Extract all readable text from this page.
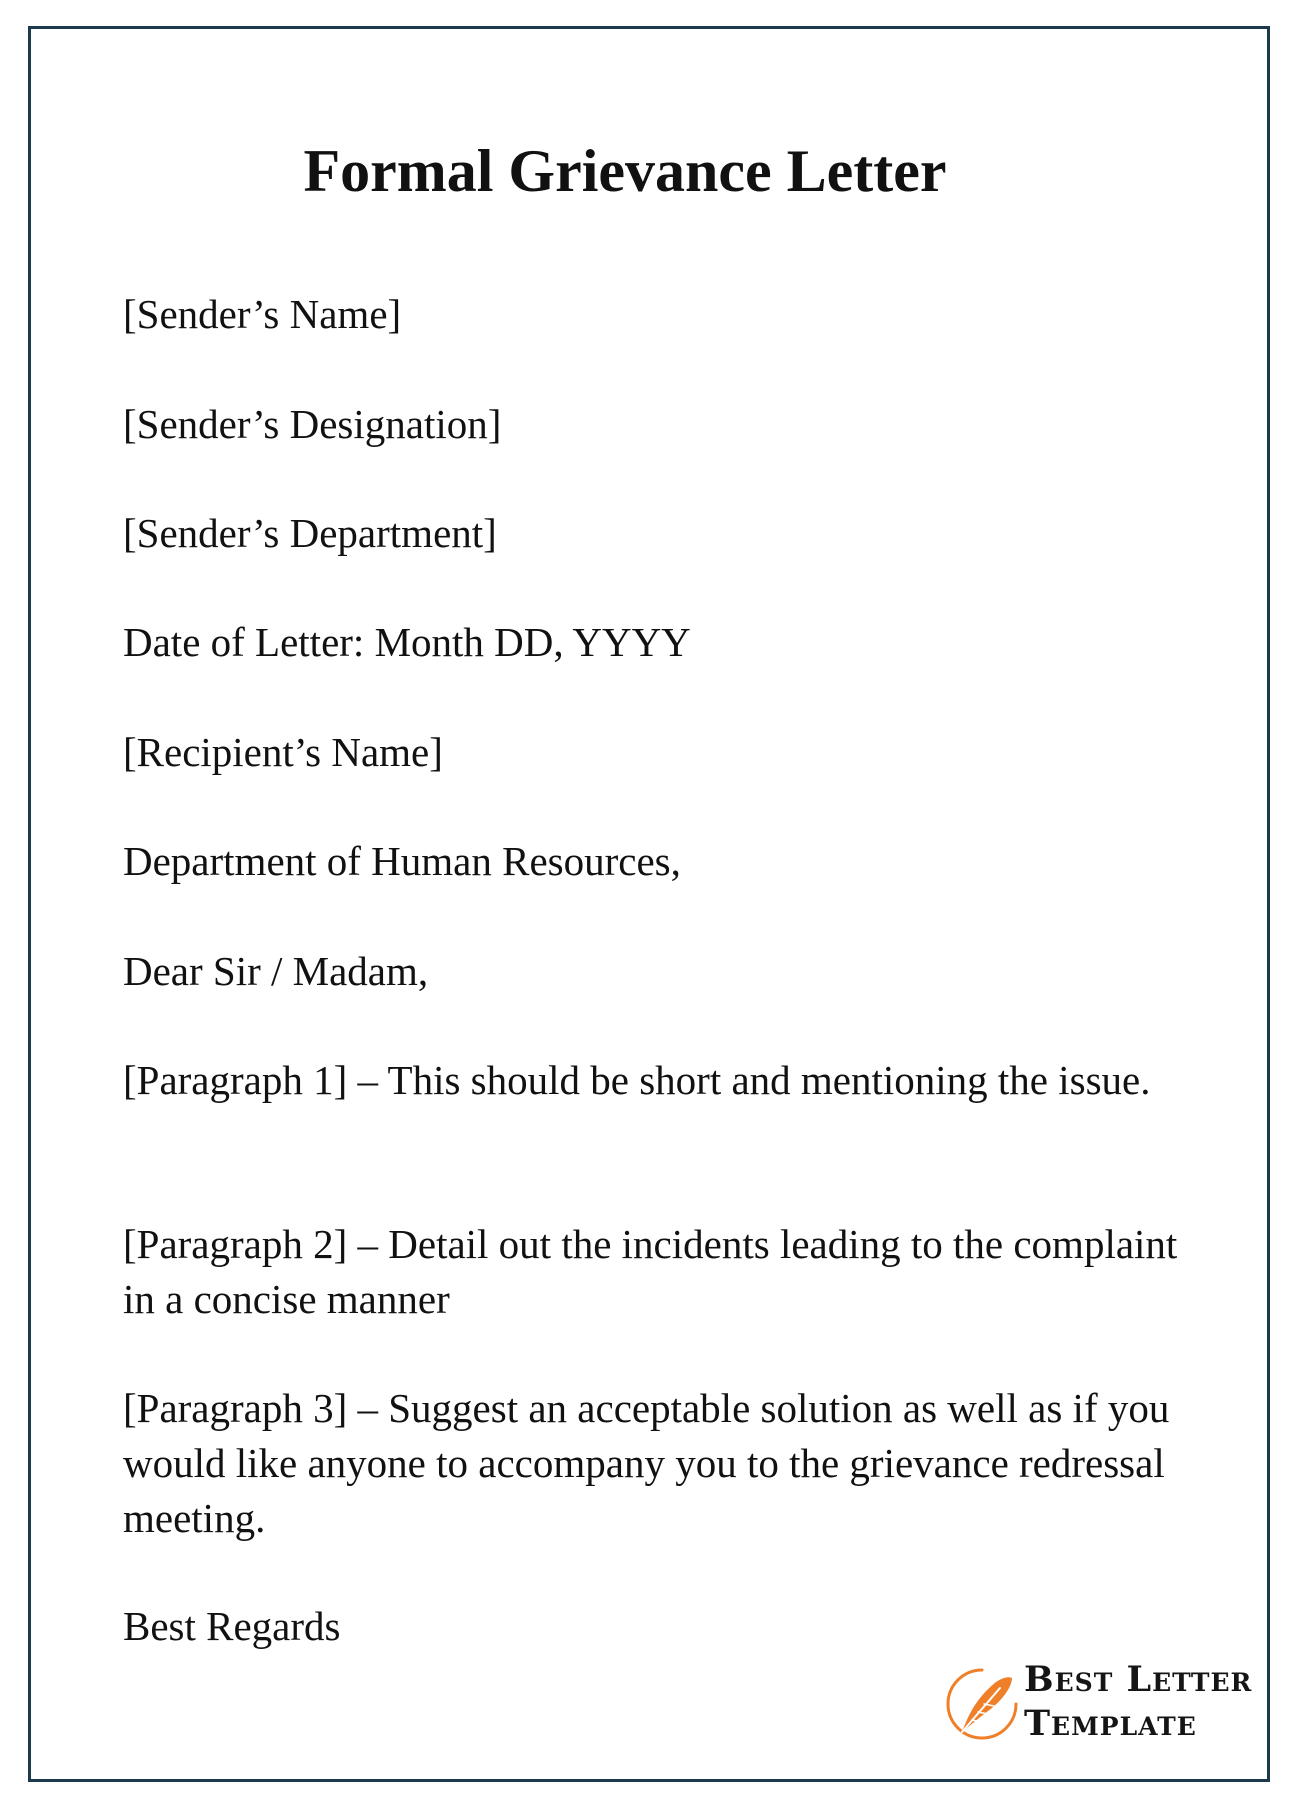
Formal Grievance Letter

[Sender’s Name]

[Sender’s Designation]

[Sender’s Department]

Date of Letter: Month DD, YYYY

[Recipient’s Name]

Department of Human Resources,

Dear Sir / Madam,

[Paragraph 1] – This should be short and mentioning the issue.

[Paragraph 2] – Detail out the incidents leading to the complaint in a concise manner

[Paragraph 3] – Suggest an acceptable solution as well as if you would like anyone to accompany you to the grievance redressal meeting.

Best Regards

Best Letter
Template
